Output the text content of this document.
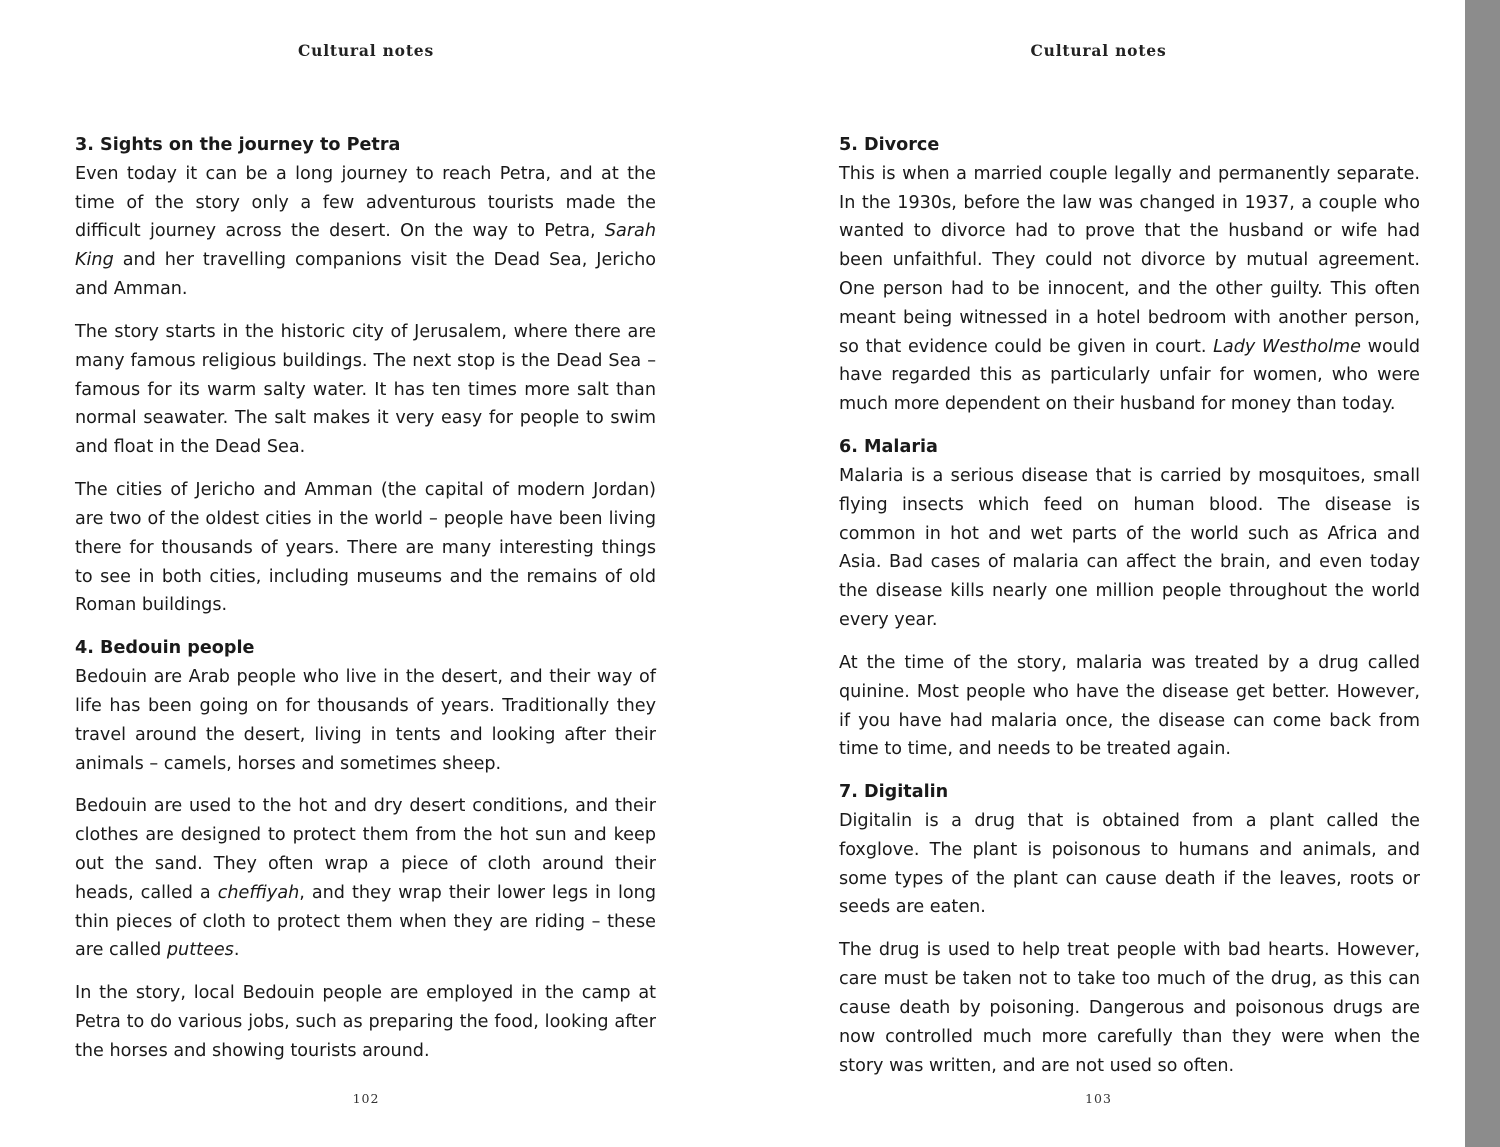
Cultural notes
3. Sights on the journey to Petra

Even today it can be a long journey to reach Petra, and at the time of the story only a few adventurous tourists made the difficult journey across the desert. On the way to Petra, Sarah King and her travelling companions visit the Dead Sea, Jericho and Amman.

The story starts in the historic city of Jerusalem, where there are many famous religious buildings. The next stop is the Dead Sea – famous for its warm salty water. It has ten times more salt than normal seawater. The salt makes it very easy for people to swim and float in the Dead Sea.

The cities of Jericho and Amman (the capital of modern Jordan) are two of the oldest cities in the world – people have been living there for thousands of years. There are many interesting things to see in both cities, including museums and the remains of old Roman buildings.

4. Bedouin people

Bedouin are Arab people who live in the desert, and their way of life has been going on for thousands of years. Traditionally they travel around the desert, living in tents and looking after their animals – camels, horses and sometimes sheep.

Bedouin are used to the hot and dry desert conditions, and their clothes are designed to protect them from the hot sun and keep out the sand. They often wrap a piece of cloth around their heads, called a cheffiyah, and they wrap their lower legs in long thin pieces of cloth to protect them when they are riding – these are called puttees.

In the story, local Bedouin people are employed in the camp at Petra to do various jobs, such as preparing the food, looking after the horses and showing tourists around.

102
Cultural notes
5. Divorce

This is when a married couple legally and permanently separate. In the 1930s, before the law was changed in 1937, a couple who wanted to divorce had to prove that the husband or wife had been unfaithful. They could not divorce by mutual agreement. One person had to be innocent, and the other guilty. This often meant being witnessed in a hotel bedroom with another person, so that evidence could be given in court. Lady Westholme would have regarded this as particularly unfair for women, who were much more dependent on their husband for money than today.

6. Malaria

Malaria is a serious disease that is carried by mosquitoes, small flying insects which feed on human blood. The disease is common in hot and wet parts of the world such as Africa and Asia. Bad cases of malaria can affect the brain, and even today the disease kills nearly one million people throughout the world every year.

At the time of the story, malaria was treated by a drug called quinine. Most people who have the disease get better. However, if you have had malaria once, the disease can come back from time to time, and needs to be treated again.

7. Digitalin

Digitalin is a drug that is obtained from a plant called the foxglove. The plant is poisonous to humans and animals, and some types of the plant can cause death if the leaves, roots or seeds are eaten.

The drug is used to help treat people with bad hearts. However, care must be taken not to take too much of the drug, as this can cause death by poisoning. Dangerous and poisonous drugs are now controlled much more carefully than they were when the story was written, and are not used so often.

103
